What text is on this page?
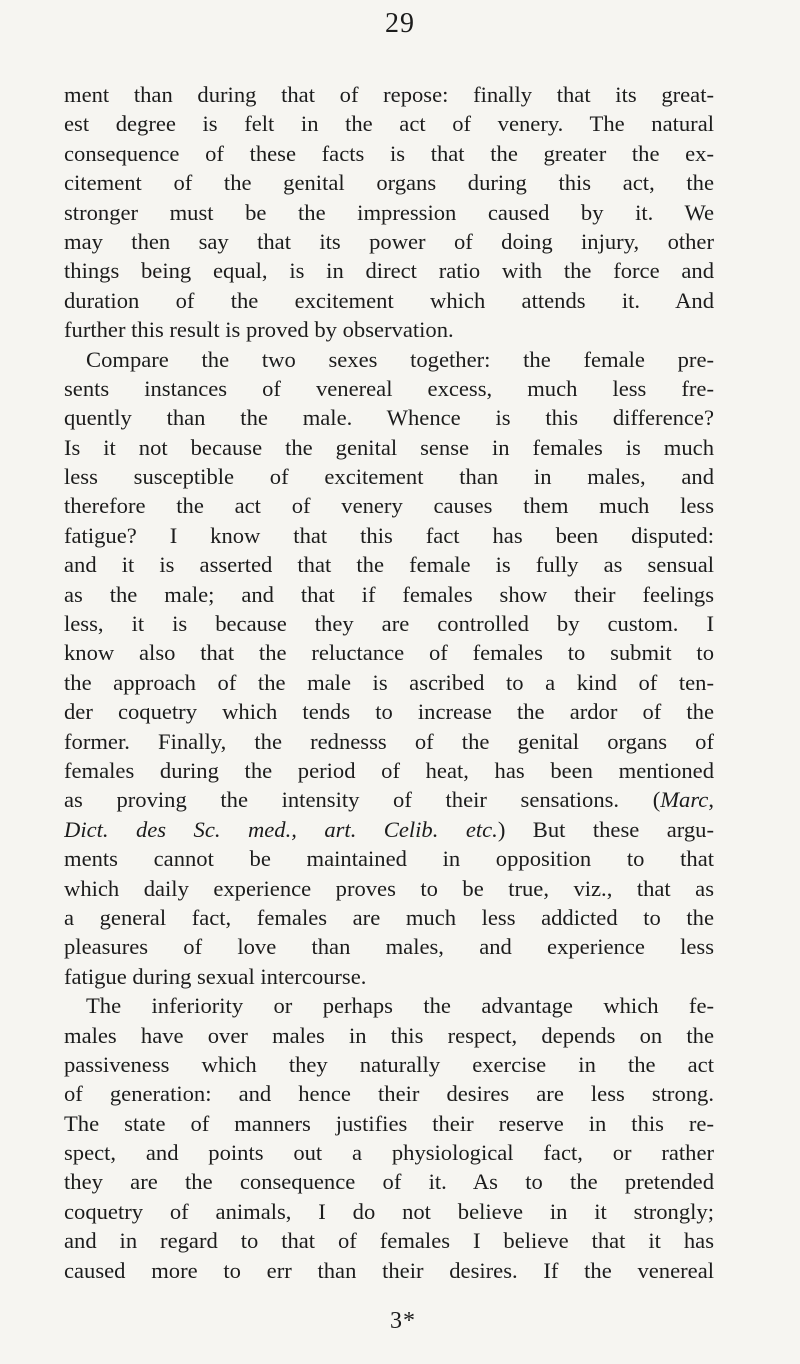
29
ment than during that of repose: finally that its great-
est degree is felt in the act of venery. The natural
consequence of these facts is that the greater the ex-
citement of the genital organs during this act, the
stronger must be the impression caused by it. We
may then say that its power of doing injury, other
things being equal, is in direct ratio with the force and
duration of the excitement which attends it. And
further this result is proved by observation.
Compare the two sexes together: the female pre-
sents instances of venereal excess, much less fre-
quently than the male. Whence is this difference?
Is it not because the genital sense in females is much
less susceptible of excitement than in males, and
therefore the act of venery causes them much less
fatigue? I know that this fact has been disputed:
and it is asserted that the female is fully as sensual
as the male; and that if females show their feelings
less, it is because they are controlled by custom. I
know also that the reluctance of females to submit to
the approach of the male is ascribed to a kind of ten-
der coquetry which tends to increase the ardor of the
former. Finally, the rednesss of the genital organs of
females during the period of heat, has been mentioned
as proving the intensity of their sensations. (Marc,
Dict. des Sc. med., art. Celib. etc.) But these argu-
ments cannot be maintained in opposition to that
which daily experience proves to be true, viz., that as
a general fact, females are much less addicted to the
pleasures of love than males, and experience less
fatigue during sexual intercourse.
The inferiority or perhaps the advantage which fe-
males have over males in this respect, depends on the
passiveness which they naturally exercise in the act
of generation: and hence their desires are less strong.
The state of manners justifies their reserve in this re-
spect, and points out a physiological fact, or rather
they are the consequence of it. As to the pretended
coquetry of animals, I do not believe in it strongly;
and in regard to that of females I believe that it has
caused more to err than their desires. If the venereal
3*
